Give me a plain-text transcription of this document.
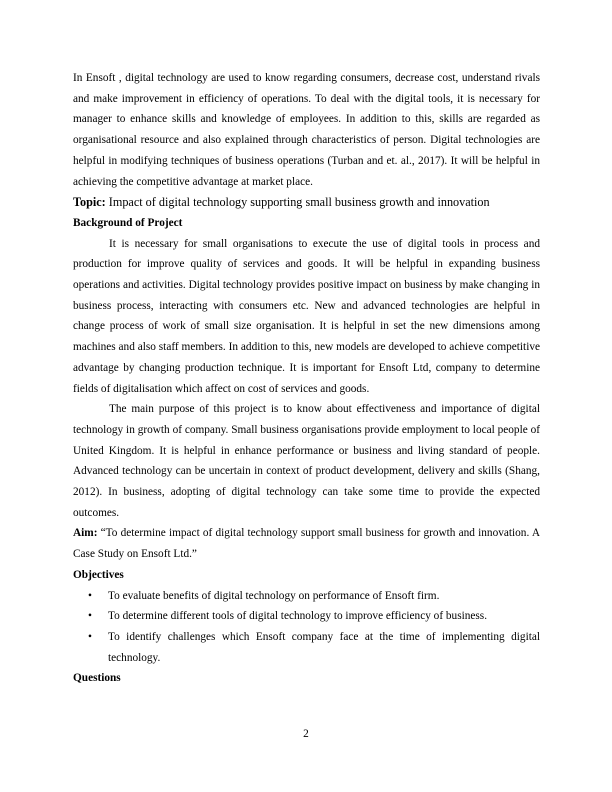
In Ensoft , digital technology are used to know regarding consumers, decrease cost, understand rivals and make improvement in efficiency of operations. To deal with the digital tools, it is necessary for manager to enhance skills and knowledge of employees. In addition to this, skills are regarded as organisational resource and also explained through characteristics of person. Digital technologies are helpful in modifying techniques of business operations (Turban and et. al., 2017). It will be helpful in achieving the competitive advantage at market place.

Topic: Impact of digital technology supporting small business growth and innovation

Background of Project

It is necessary for small organisations to execute the use of digital tools in process and production for improve quality of services and goods. It will be helpful in expanding business operations and activities. Digital technology provides positive impact on business by make changing in business process, interacting with consumers etc. New and advanced technologies are helpful in change process of work of small size organisation. It is helpful in set the new dimensions among machines and also staff members. In addition to this, new models are developed to achieve competitive advantage by changing production technique. It is important for Ensoft Ltd, company to determine fields of digitalisation which affect on cost of services and goods.

The main purpose of this project is to know about effectiveness and importance of digital technology in growth of company. Small business organisations provide employment to local people of United Kingdom. It is helpful in enhance performance or business and living standard of people. Advanced technology can be uncertain in context of product development, delivery and skills (Shang, 2012). In business, adopting of digital technology can take some time to provide the expected outcomes.

Aim: “To determine impact of digital technology support small business for growth and innovation. A Case Study on Ensoft Ltd.”

Objectives
• To evaluate benefits of digital technology on performance of Ensoft firm.
• To determine different tools of digital technology to improve efficiency of business.
• To identify challenges which Ensoft company face at the time of implementing digital technology.
Questions
2
